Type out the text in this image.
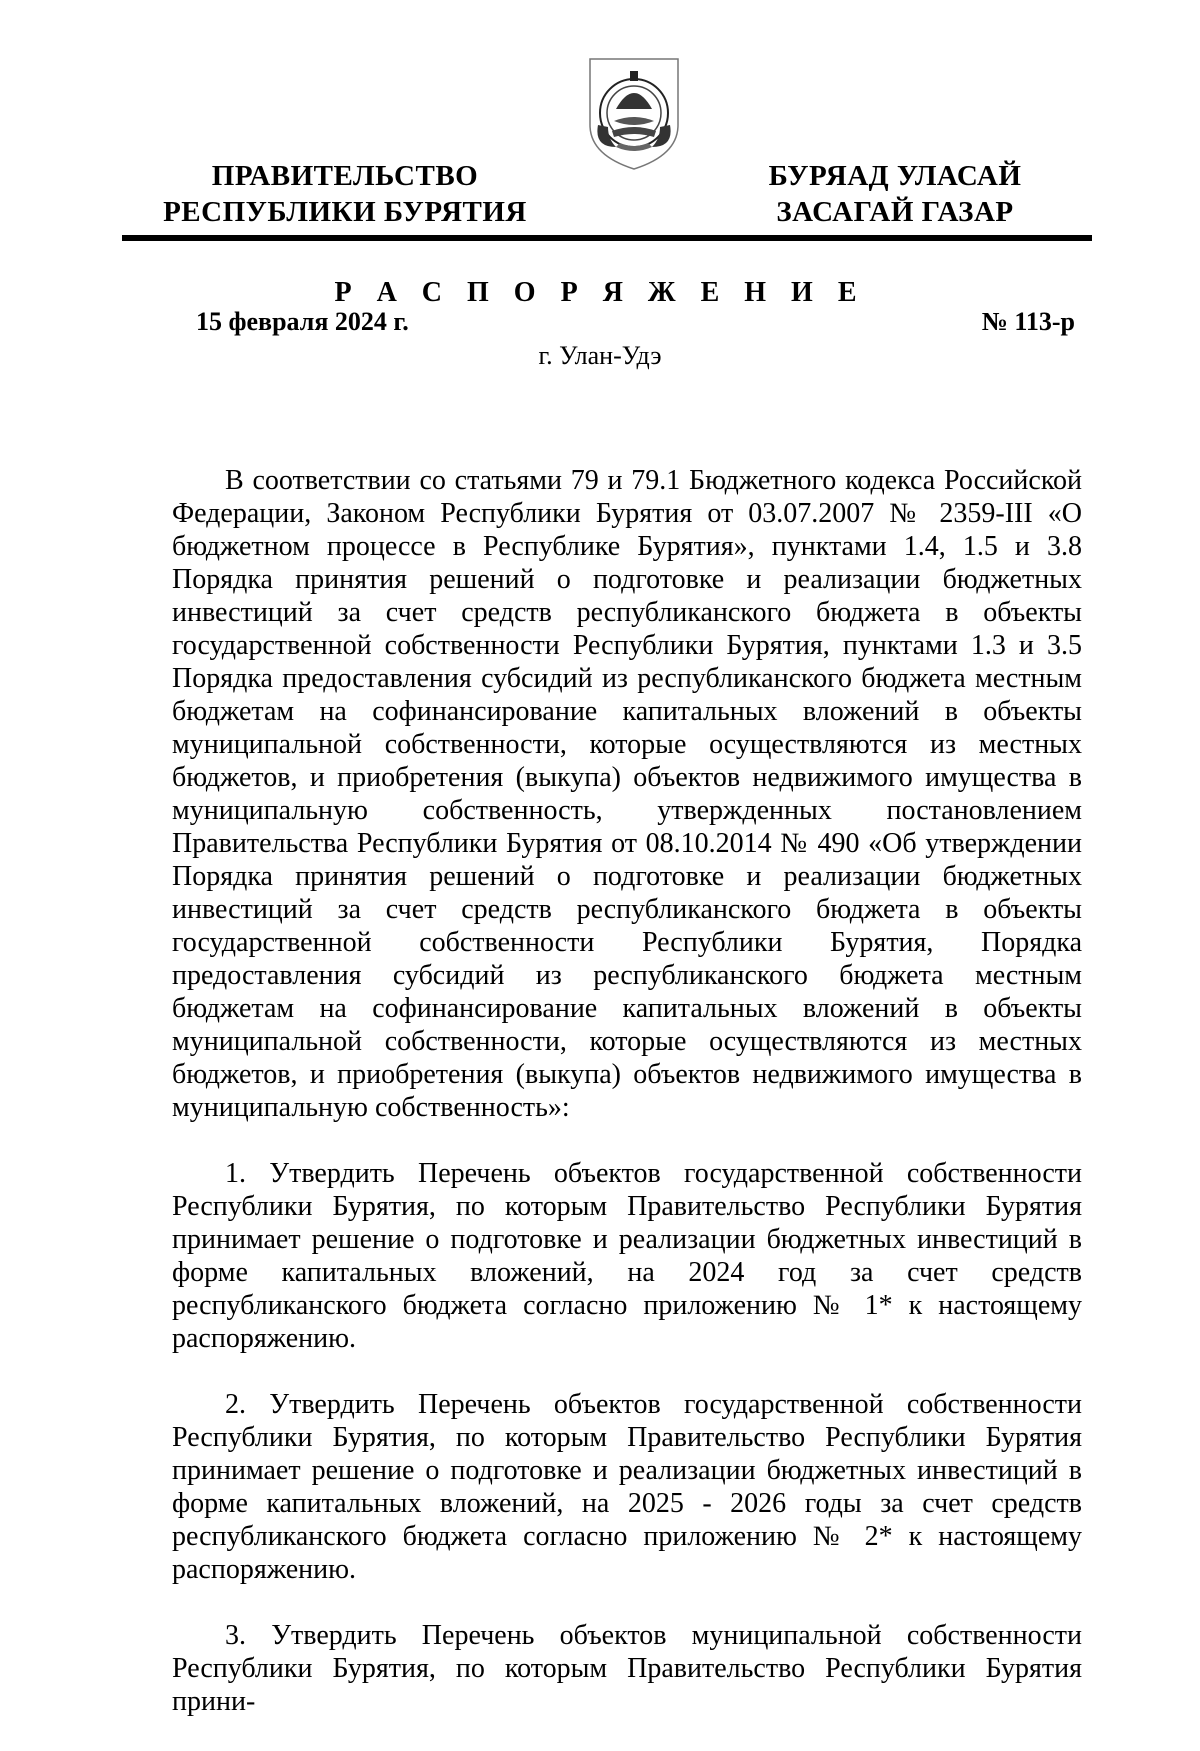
ПРАВИТЕЛЬСТВО
РЕСПУБЛИКИ БУРЯТИЯ
БУРЯАД УЛАСАЙ
ЗАСАГАЙ ГАЗАР
Р А С П О Р Я Ж Е Н И Е
15 февраля 2024 г.	№ 113-р
г. Улан-Удэ

В соответствии со статьями 79 и 79.1 Бюджетного кодекса Российской Федерации, Законом Республики Бурятия от 03.07.2007 № 2359-III «О бюджетном процессе в Республике Бурятия», пунктами 1.4, 1.5 и 3.8 Порядка принятия решений о подготовке и реализации бюджетных инвестиций за счет средств республиканского бюджета в объекты государственной собственности Республики Бурятия, пунктами 1.3 и 3.5 Порядка предоставления субсидий из республиканского бюджета местным бюджетам на софинансирование капитальных вложений в объекты муниципальной собственности, которые осуществляются из местных бюджетов, и приобретения (выкупа) объектов недвижимого имущества в муниципальную собственность, утвержденных постановлением Правительства Республики Бурятия от 08.10.2014 № 490 «Об утверждении Порядка принятия решений о подготовке и реализации бюджетных инвестиций за счет средств республиканского бюджета в объекты государственной собственности Республики Бурятия, Порядка предоставления субсидий из республиканского бюджета местным бюджетам на софинансирование капитальных вложений в объекты муниципальной собственности, которые осуществляются из местных бюджетов, и приобретения (выкупа) объектов недвижимого имущества в муниципальную собственность»:

1. Утвердить Перечень объектов государственной собственности Республики Бурятия, по которым Правительство Республики Бурятия принимает решение о подготовке и реализации бюджетных инвестиций в форме капитальных вложений, на 2024 год за счет средств республиканского бюджета согласно приложению № 1* к настоящему распоряжению.

2. Утвердить Перечень объектов государственной собственности Республики Бурятия, по которым Правительство Республики Бурятия принимает решение о подготовке и реализации бюджетных инвестиций в форме капитальных вложений, на 2025 - 2026 годы за счет средств республиканского бюджета согласно приложению № 2* к настоящему распоряжению.

3. Утвердить Перечень объектов муниципальной собственности Республики Бурятия, по которым Правительство Республики Бурятия прини-
